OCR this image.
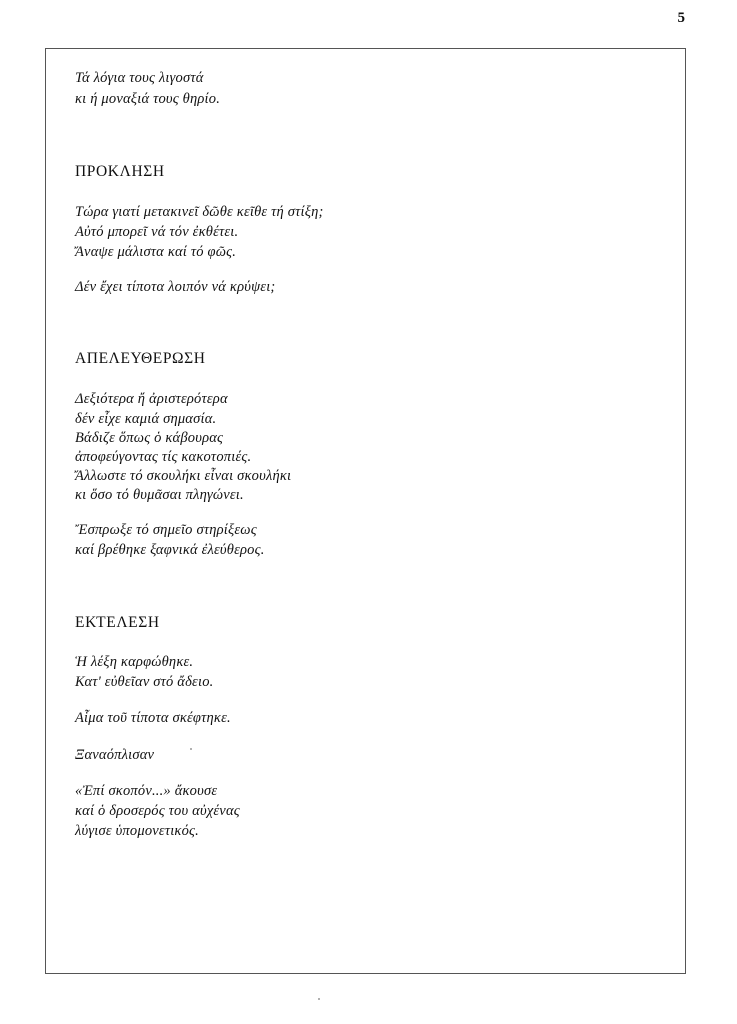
5
Τά λόγια τους λιγοστά
κι ή μοναξιά τους θηρίο.
ΠΡΟΚΛΗΣΗ
Τώρα γιατί μετακινεῖ δῶθε κεῖθε τή στίξη;
Αὐτό μπορεῖ νά τόν ἐκθέτει.
Ἄναψε μάλιστα καί τό φῶς.
Δέν ἔχει τίποτα λοιπόν νά κρύψει;
ΑΠΕΛΕΥΘΕΡΩΣΗ
Δεξιότερα ἤ ἀριστερότερα
δέν εἶχε καμιά σημασία.
Βάδιζε ὅπως ὁ κάβουρας
ἀποφεύγοντας τίς κακοτοπιές.
Ἄλλωστε τό σκουλήκι εἶναι σκουλήκι
κι ὅσο τό θυμᾶσαι πληγώνει.
Ἔσπρωξε τό σημεῖο στηρίξεως
καί βρέθηκε ξαφνικά ἐλεύθερος.
ΕΚΤΕΛΕΣΗ
Ἡ λέξη καρφώθηκε.
Κατ' εὐθεῖαν στό ἄδειο.
Αἷμα τοῦ τίποτα σκέφτηκε.
Ξαναόπλισαν
«Ἐπί σκοπόν...» ἄκουσε
καί ὁ δροσερός του αὐχένας
λύγισε ὑπομονετικός.
